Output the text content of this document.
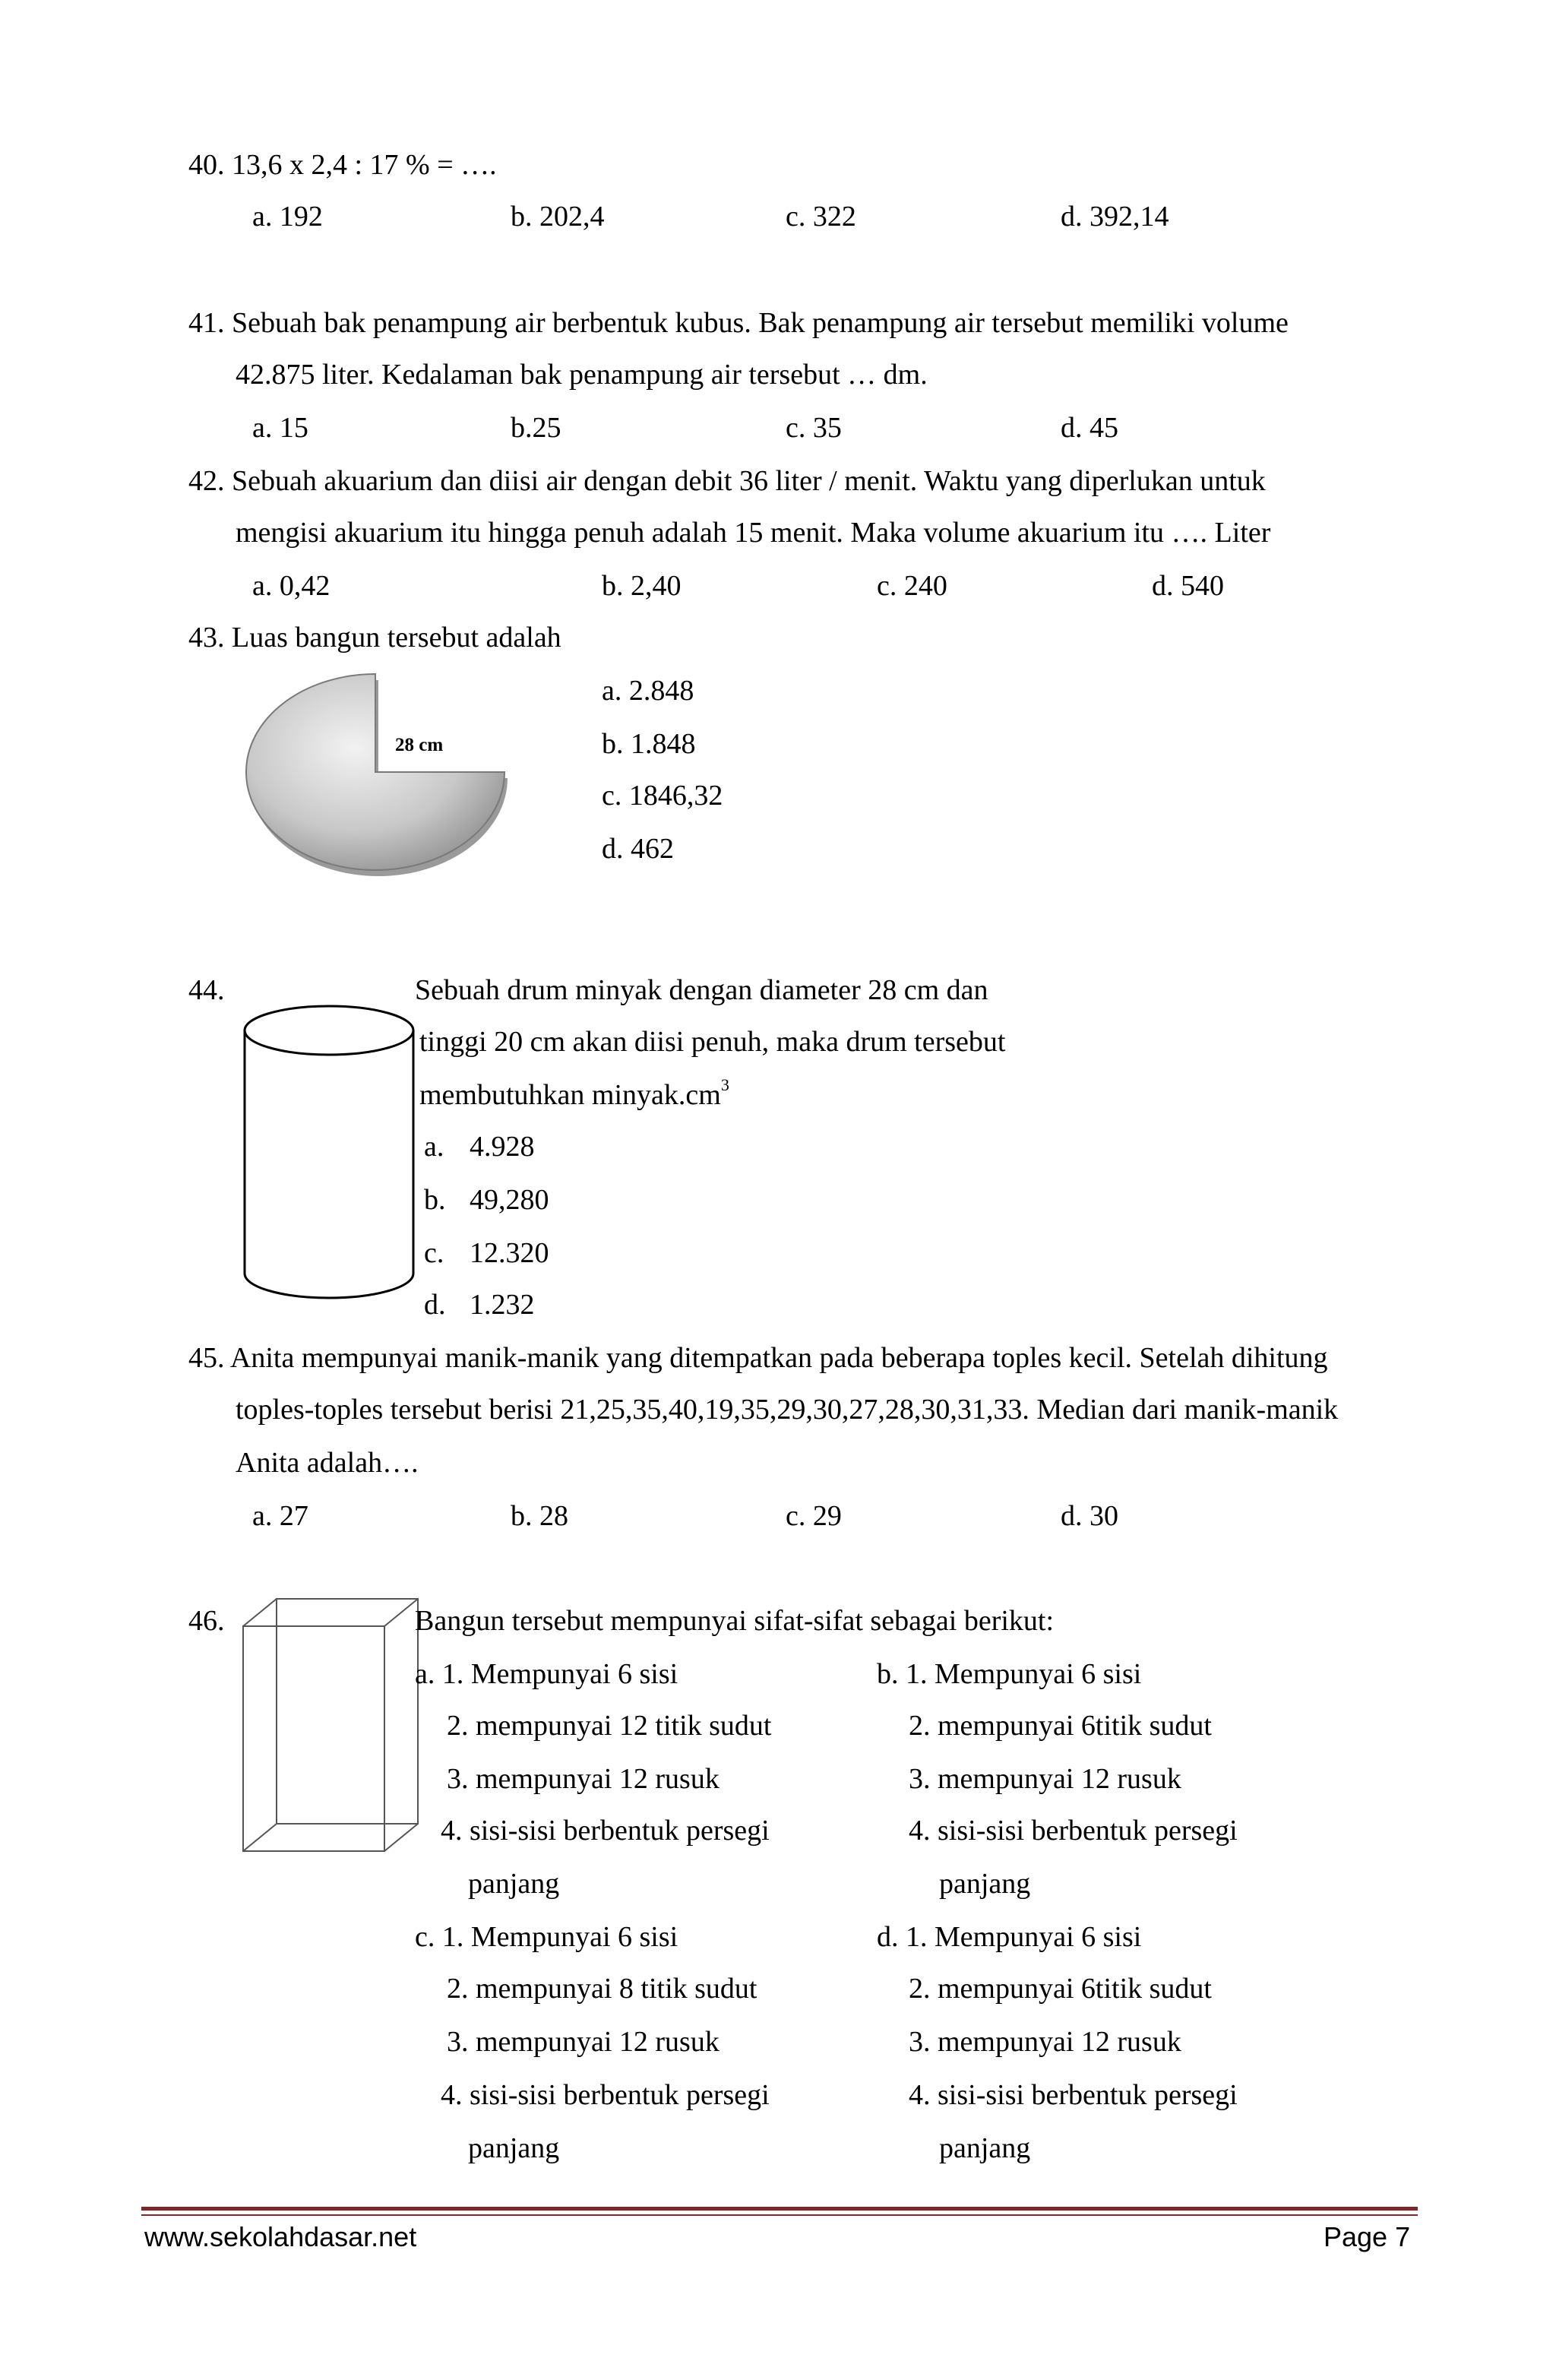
40. 13,6 x 2,4 : 17 % = ….
a. 192	b. 202,4	c. 322	d. 392,14
41. Sebuah bak penampung air berbentuk kubus. Bak penampung air tersebut memiliki volume
42.875 liter. Kedalaman bak penampung air tersebut … dm.
a. 15	b.25	c. 35	d. 45
42. Sebuah akuarium dan diisi air dengan debit 36 liter / menit. Waktu yang diperlukan untuk
mengisi akuarium itu hingga penuh adalah 15 menit. Maka volume akuarium itu …. Liter
a. 0,42	b. 2,40	c. 240	d. 540
43. Luas bangun tersebut adalah
28 cm
a. 2.848
b. 1.848
c. 1846,32
d. 462
44.	Sebuah drum minyak dengan diameter 28 cm dan
tinggi 20 cm akan diisi penuh, maka drum tersebut
membutuhkan $minyak.cm^3$
a. 4.928
b. 49,280
c. 12.320
d. 1.232
45. Anita mempunyai manik-manik yang ditempatkan pada beberapa toples kecil. Setelah dihitung
toples-toples tersebut berisi 21,25,35,40,19,35,29,30,27,28,30,31,33. Median dari manik-manik
Anita adalah….
a. 27	b. 28	c. 29	d. 30
46.	Bangun tersebut mempunyai sifat-sifat sebagai berikut:
a. 1. Mempunyai 6 sisi
2. mempunyai 12 titik sudut
3. mempunyai 12 rusuk
4. sisi-sisi berbentuk persegi
panjang
b. 1. Mempunyai 6 sisi
2. mempunyai 6titik sudut
3. mempunyai 12 rusuk
4. sisi-sisi berbentuk persegi
panjang
c. 1. Mempunyai 6 sisi
2. mempunyai 8 titik sudut
3. mempunyai 12 rusuk
4. sisi-sisi berbentuk persegi
panjang
d. 1. Mempunyai 6 sisi
2. mempunyai 6titik sudut
3. mempunyai 12 rusuk
4. sisi-sisi berbentuk persegi
panjang
www.sekolahdasar.net	Page 7
